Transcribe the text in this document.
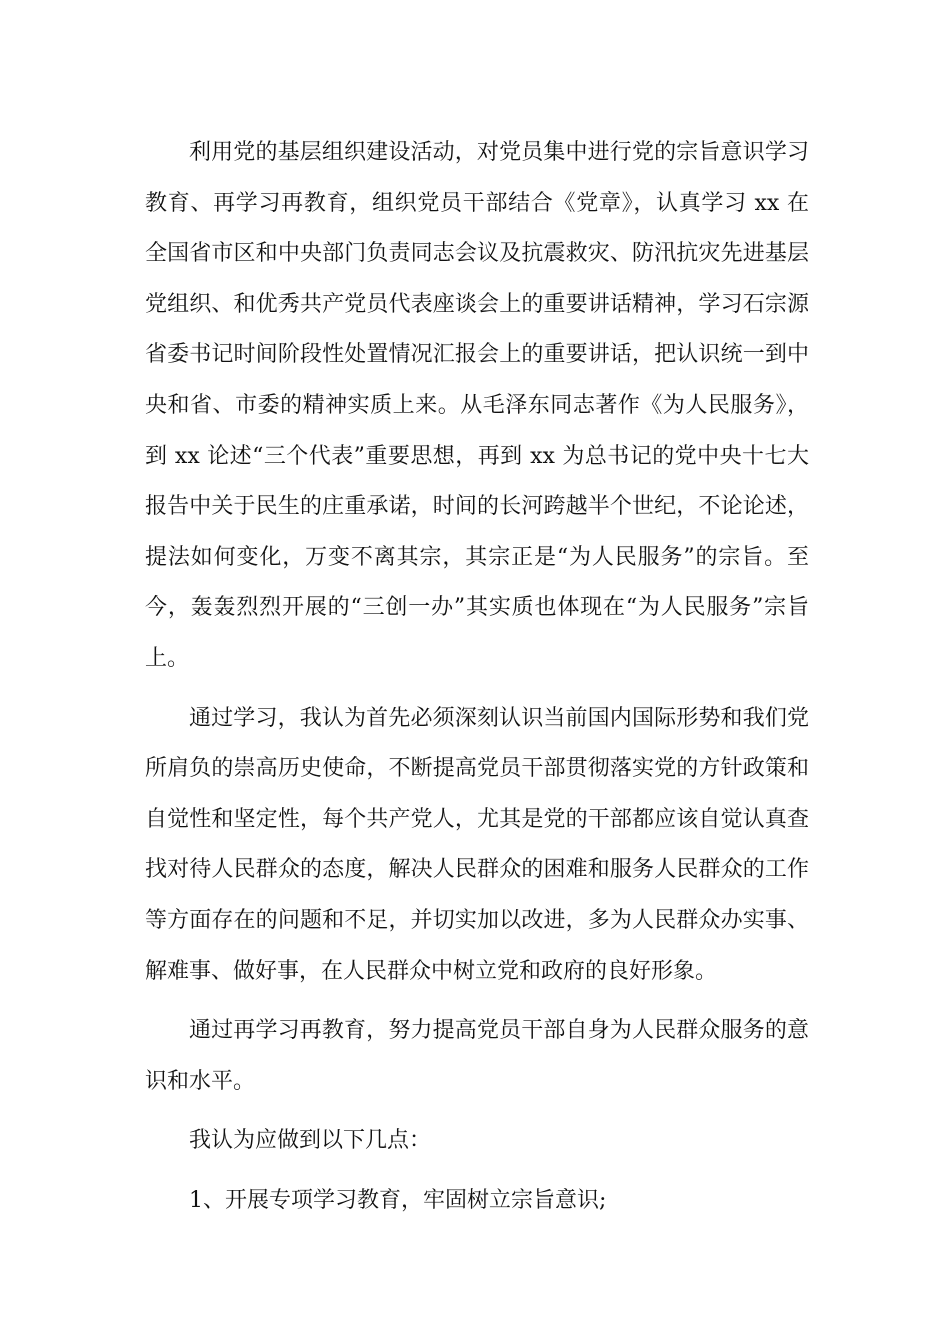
利用党的基层组织建设活动，对党员集中进行党的宗旨意识学习教育、再学习再教育，组织党员干部结合《党章》，认真学习 xx 在全国省市区和中央部门负责同志会议及抗震救灾、防汛抗灾先进基层党组织、和优秀共产党员代表座谈会上的重要讲话精神，学习石宗源省委书记时间阶段性处置情况汇报会上的重要讲话，把认识统一到中央和省、市委的精神实质上来。从毛泽东同志著作《为人民服务》，到 xx 论述“三个代表”重要思想，再到 xx 为总书记的党中央十七大报告中关于民生的庄重承诺，时间的长河跨越半个世纪，不论论述，提法如何变化，万变不离其宗，其宗正是“为人民服务”的宗旨。至今，轰轰烈烈开展的“三创一办”其实质也体现在“为人民服务”宗旨上。

通过学习，我认为首先必须深刻认识当前国内国际形势和我们党所肩负的崇高历史使命，不断提高党员干部贯彻落实党的方针政策和自觉性和坚定性，每个共产党人，尤其是党的干部都应该自觉认真查找对待人民群众的态度，解决人民群众的困难和服务人民群众的工作等方面存在的问题和不足，并切实加以改进，多为人民群众办实事、解难事、做好事，在人民群众中树立党和政府的良好形象。

通过再学习再教育，努力提高党员干部自身为人民群众服务的意识和水平。

我认为应做到以下几点：

1、开展专项学习教育，牢固树立宗旨意识;
